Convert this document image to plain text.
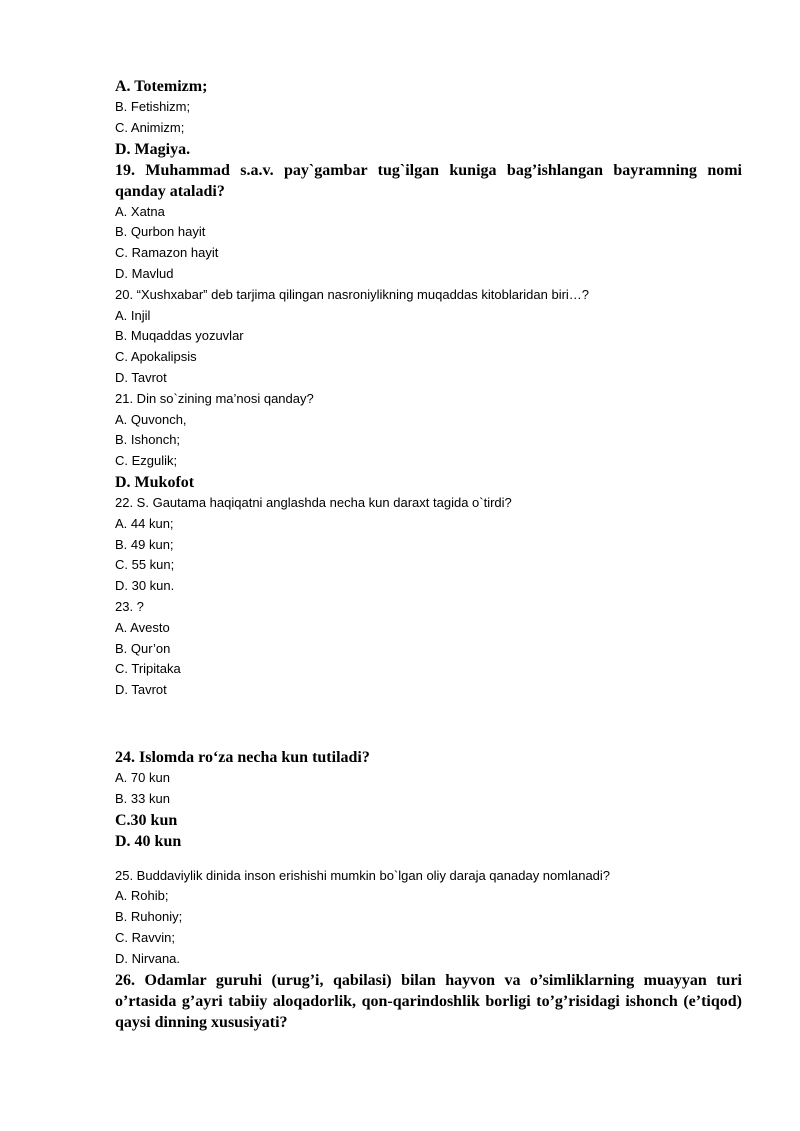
A. Totemizm;
B. Fetishizm;
C. Animizm;
D. Magiya.
19. Muhammad s.a.v. pay`gambar tug`ilgan kuniga bag’ishlangan bayramning nomi qanday ataladi?
A. Xatna
B. Qurbon hayit
C. Ramazon hayit
D. Mavlud
20. “Xushxabar” deb tarjima qilingan nasroniylikning muqaddas kitoblaridan biri…?
A. Injil
B. Muqaddas yozuvlar
C. Apokalipsis
D. Tavrot
21. Din so`zining ma’nosi qanday?
A. Quvonch,
B. Ishonch;
C. Ezgulik;
D. Mukofot
22. S. Gautama haqiqatni anglashda necha kun daraxt tagida o`tirdi?
A. 44 kun;
B. 49 kun;
C. 55 kun;
D. 30 kun.
23. ?
A. Avesto
B. Qur’on
C. Tripitaka
D. Tavrot
24. Islomda ro‘za necha kun tutiladi?
A. 70 kun
B. 33 kun
C.30 kun
D. 40 kun
25. Buddaviylik dinida inson erishishi mumkin bo`lgan oliy daraja qanaday nomlanadi?
A. Rohib;
B. Ruhoniy;
C. Ravvin;
D. Nirvana.
26. Odamlar guruhi (urug’i, qabilasi) bilan hayvon va o’simliklarning muayyan turi o’rtasida g’ayri tabiiy aloqadorlik, qon-qarindoshlik borligi to’g’risidagi ishonch (e’tiqod) qaysi dinning xususiyati?
